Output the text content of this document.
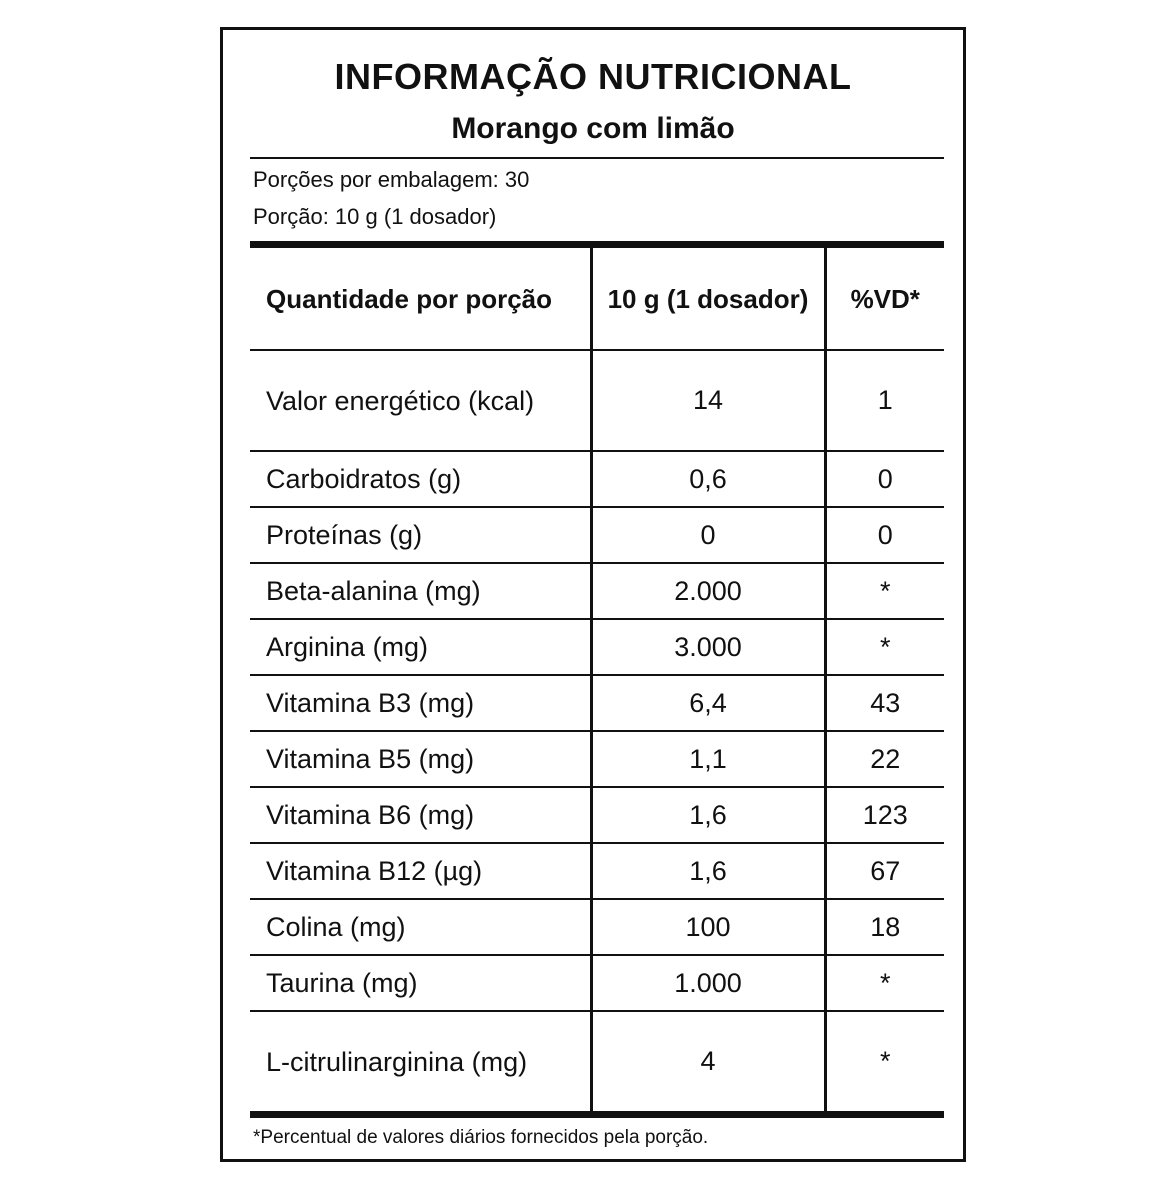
INFORMAÇÃO NUTRICIONAL
Morango com limão
Porções por embalagem: 30
Porção: 10 g (1 dosador)
Quantidade por porção	10 g (1 dosador)	%VD*
Valor energético (kcal)	14	1
Carboidratos (g)	0,6	0
Proteínas (g)	0	0
Beta-alanina (mg)	2.000	*
Arginina (mg)	3.000	*
Vitamina B3 (mg)	6,4	43
Vitamina B5 (mg)	1,1	22
Vitamina B6 (mg)	1,6	123
Vitamina B12 (µg)	1,6	67
Colina (mg)	100	18
Taurina (mg)	1.000	*
L-citrulinarginina (mg)	4	*
*Percentual de valores diários fornecidos pela porção.
